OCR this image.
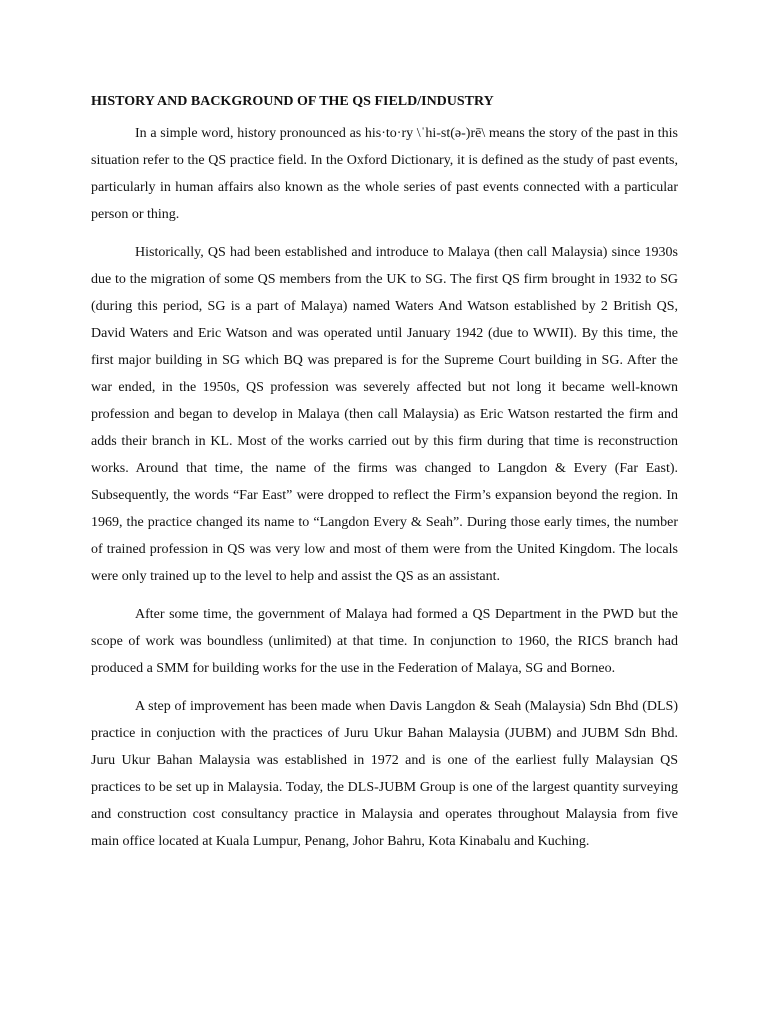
HISTORY AND BACKGROUND OF THE QS FIELD/INDUSTRY

In a simple word, history pronounced as his·to·ry \ˈhi-st(ə-)rē\ means the story of the past in this situation refer to the QS practice field. In the Oxford Dictionary, it is defined as the study of past events, particularly in human affairs also known as the whole series of past events connected with a particular person or thing.

Historically, QS had been established and introduce to Malaya (then call Malaysia) since 1930s due to the migration of some QS members from the UK to SG. The first QS firm brought in 1932 to SG (during this period, SG is a part of Malaya) named Waters And Watson established by 2 British QS, David Waters and Eric Watson and was operated until January 1942 (due to WWII). By this time, the first major building in SG which BQ was prepared is for the Supreme Court building in SG. After the war ended, in the 1950s, QS profession was severely affected but not long it became well-known profession and began to develop in Malaya (then call Malaysia) as Eric Watson restarted the firm and adds their branch in KL. Most of the works carried out by this firm during that time is reconstruction works. Around that time, the name of the firms was changed to Langdon & Every (Far East). Subsequently, the words “Far East” were dropped to reflect the Firm’s expansion beyond the region. In 1969, the practice changed its name to “Langdon Every & Seah”. During those early times, the number of trained profession in QS was very low and most of them were from the United Kingdom. The locals were only trained up to the level to help and assist the QS as an assistant.

After some time, the government of Malaya had formed a QS Department in the PWD but the scope of work was boundless (unlimited) at that time. In conjunction to 1960, the RICS branch had produced a SMM for building works for the use in the Federation of Malaya, SG and Borneo.

A step of improvement has been made when Davis Langdon & Seah (Malaysia) Sdn Bhd (DLS) practice in conjuction with the practices of Juru Ukur Bahan Malaysia (JUBM) and JUBM Sdn Bhd. Juru Ukur Bahan Malaysia was established in 1972 and is one of the earliest fully Malaysian QS practices to be set up in Malaysia. Today, the DLS-JUBM Group is one of the largest quantity surveying and construction cost consultancy practice in Malaysia and operates throughout Malaysia from five main office located at Kuala Lumpur, Penang, Johor Bahru, Kota Kinabalu and Kuching.
